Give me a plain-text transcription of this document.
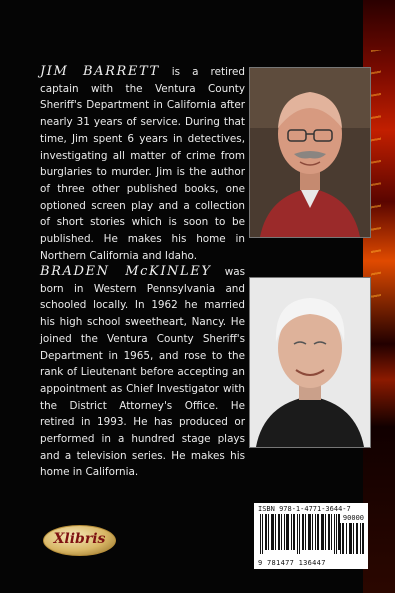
JIM BARRETT is a retired captain with the Ventura County Sheriff's Department in California after nearly 31 years of service. During that time, Jim spent 6 years in detectives, investigating all matter of crime from burglaries to murder. Jim is the author of three other published books, one optioned screen play and a collection of short stories which is soon to be published. He makes his home in Northern California and Idaho.
BRADEN McKINLEY was born in Western Pennsylvania and schooled locally. In 1962 he married his high school sweetheart, Nancy. He joined the Ventura County Sheriff's Department in 1965, and rose to the rank of Lieutenant before accepting an appointment as Chief Investigator with the District Attorney's Office. He retired in 1993. He has produced or performed in a hundred stage plays and a television series. He makes his home in California.
Xlibris
ISBN 978-1-4771-3644-7
90000
9 781477 136447
